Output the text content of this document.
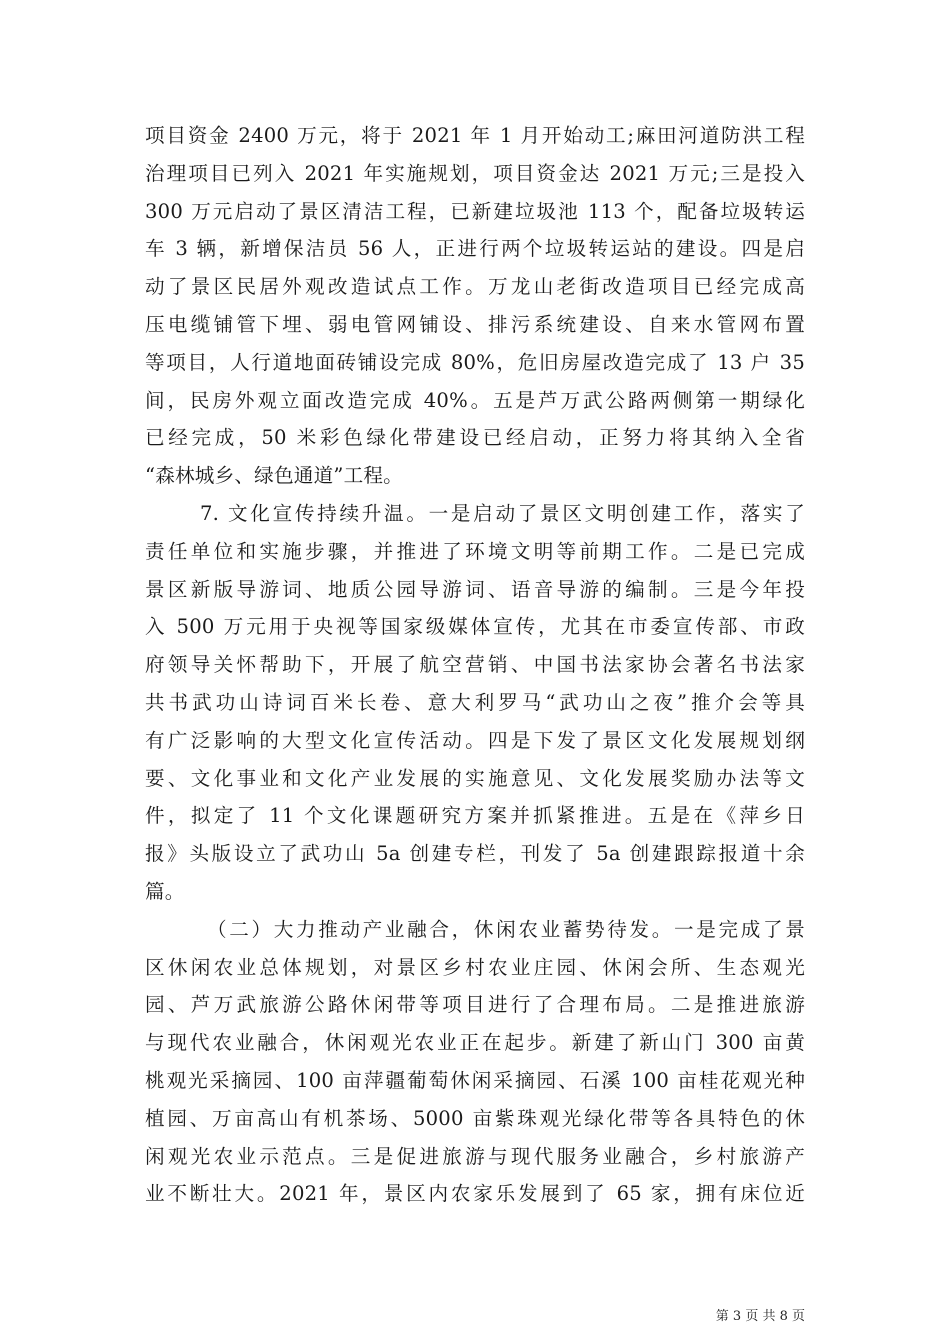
项目资金 2400 万元，将于 2021 年 1 月开始动工;麻田河道防洪工程
治理项目已列入 2021 年实施规划，项目资金达 2021 万元;三是投入
300 万元启动了景区清洁工程，已新建垃圾池 113 个，配备垃圾转运
车 3 辆，新增保洁员 56 人，正进行两个垃圾转运站的建设。四是启
动了景区民居外观改造试点工作。万龙山老街改造项目已经完成高
压电缆铺管下埋、弱电管网铺设、排污系统建设、自来水管网布置
等项目，人行道地面砖铺设完成 80%，危旧房屋改造完成了 13 户 35
间，民房外观立面改造完成 40%。五是芦万武公路两侧第一期绿化
已经完成，50 米彩色绿化带建设已经启动，正努力将其纳入全省
“森林城乡、绿色通道”工程。
7. 文化宣传持续升温。一是启动了景区文明创建工作，落实了
责任单位和实施步骤，并推进了环境文明等前期工作。二是已完成
景区新版导游词、地质公园导游词、语音导游的编制。三是今年投
入 500 万元用于央视等国家级媒体宣传，尤其在市委宣传部、市政
府领导关怀帮助下，开展了航空营销、中国书法家协会著名书法家
共书武功山诗词百米长卷、意大利罗马“武功山之夜”推介会等具
有广泛影响的大型文化宣传活动。四是下发了景区文化发展规划纲
要、文化事业和文化产业发展的实施意见、文化发展奖励办法等文
件，拟定了 11 个文化课题研究方案并抓紧推进。五是在《萍乡日
报》头版设立了武功山 5a 创建专栏，刊发了 5a 创建跟踪报道十余
篇。
（二）大力推动产业融合，休闲农业蓄势待发。一是完成了景
区休闲农业总体规划，对景区乡村农业庄园、休闲会所、生态观光
园、芦万武旅游公路休闲带等项目进行了合理布局。二是推进旅游
与现代农业融合，休闲观光农业正在起步。新建了新山门 300 亩黄
桃观光采摘园、100 亩萍疆葡萄休闲采摘园、石溪 100 亩桂花观光种
植园、万亩高山有机茶场、5000 亩紫珠观光绿化带等各具特色的休
闲观光农业示范点。三是促进旅游与现代服务业融合，乡村旅游产
业不断壮大。2021 年，景区内农家乐发展到了 65 家，拥有床位近
第 3 页 共 8 页
